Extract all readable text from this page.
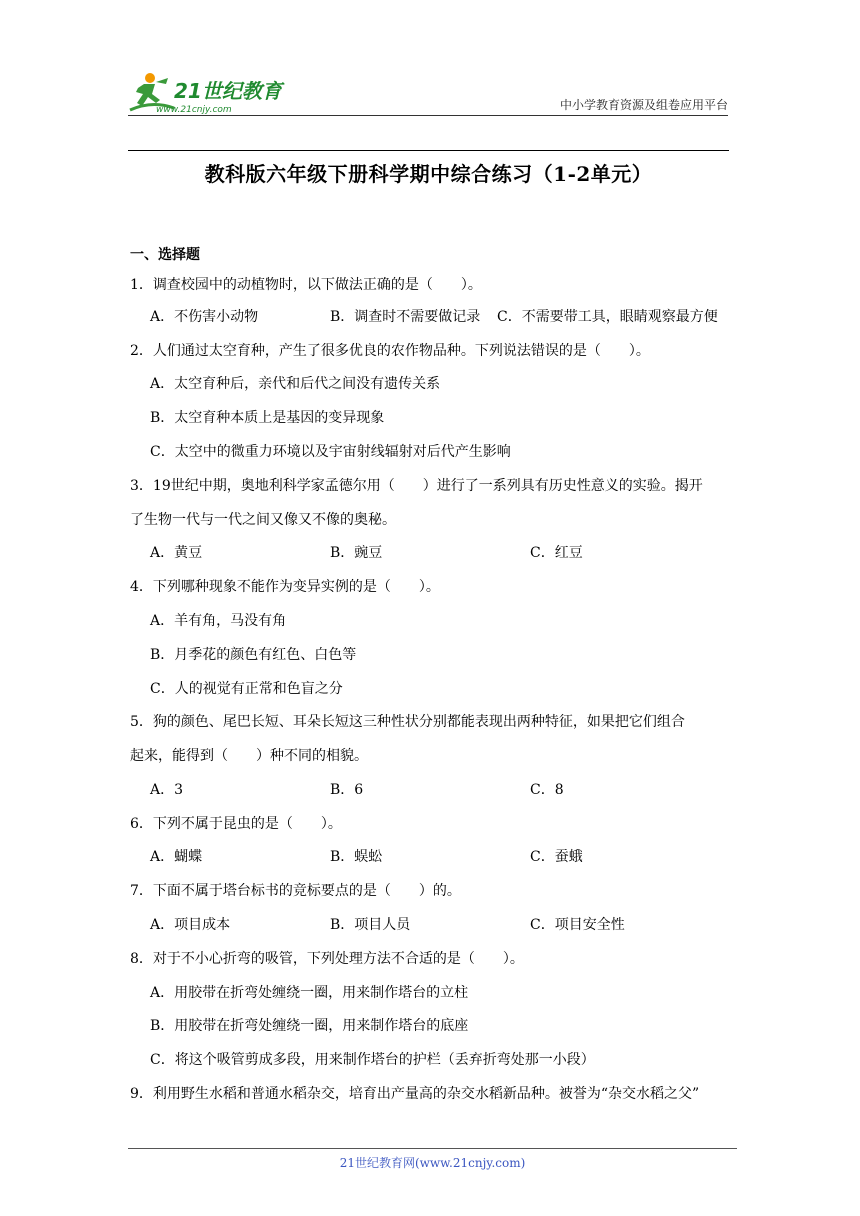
21世纪教育
www.21cnjy.com	中小学教育资源及组卷应用平台
教科版六年级下册科学期中综合练习（1-2单元）
一、选择题
1．调查校园中的动植物时，以下做法正确的是（　　）。
A．不伤害小动物	B．调查时不需要做记录 C．不需要带工具，眼睛观察最方便
2．人们通过太空育种，产生了很多优良的农作物品种。下列说法错误的是（　　）。
A．太空育种后，亲代和后代之间没有遗传关系
B．太空育种本质上是基因的变异现象
C．太空中的微重力环境以及宇宙射线辐射对后代产生影响
3．19世纪中期，奥地利科学家孟德尔用（　　）进行了一系列具有历史性意义的实验。揭开
了生物一代与一代之间又像又不像的奥秘。
A．黄豆	B．豌豆	C．红豆
4．下列哪种现象不能作为变异实例的是（　　）。
A．羊有角，马没有角
B．月季花的颜色有红色、白色等
C．人的视觉有正常和色盲之分
5．狗的颜色、尾巴长短、耳朵长短这三种性状分别都能表现出两种特征，如果把它们组合
起来，能得到（　　）种不同的相貌。
A．3	B．6	C．8
6．下列不属于昆虫的是（　　）。
A．蝴蝶	B．蜈蚣	C．蚕蛾
7．下面不属于塔台标书的竞标要点的是（　　）的。
A．项目成本	B．项目人员	C．项目安全性
8．对于不小心折弯的吸管，下列处理方法不合适的是（　　）。
A．用胶带在折弯处缠绕一圈，用来制作塔台的立柱
B．用胶带在折弯处缠绕一圈，用来制作塔台的底座
C．将这个吸管剪成多段，用来制作塔台的护栏（丢弃折弯处那一小段）
9．利用野生水稻和普通水稻杂交，培育出产量高的杂交水稻新品种。被誉为“杂交水稻之父”
21世纪教育网(www.21cnjy.com)
